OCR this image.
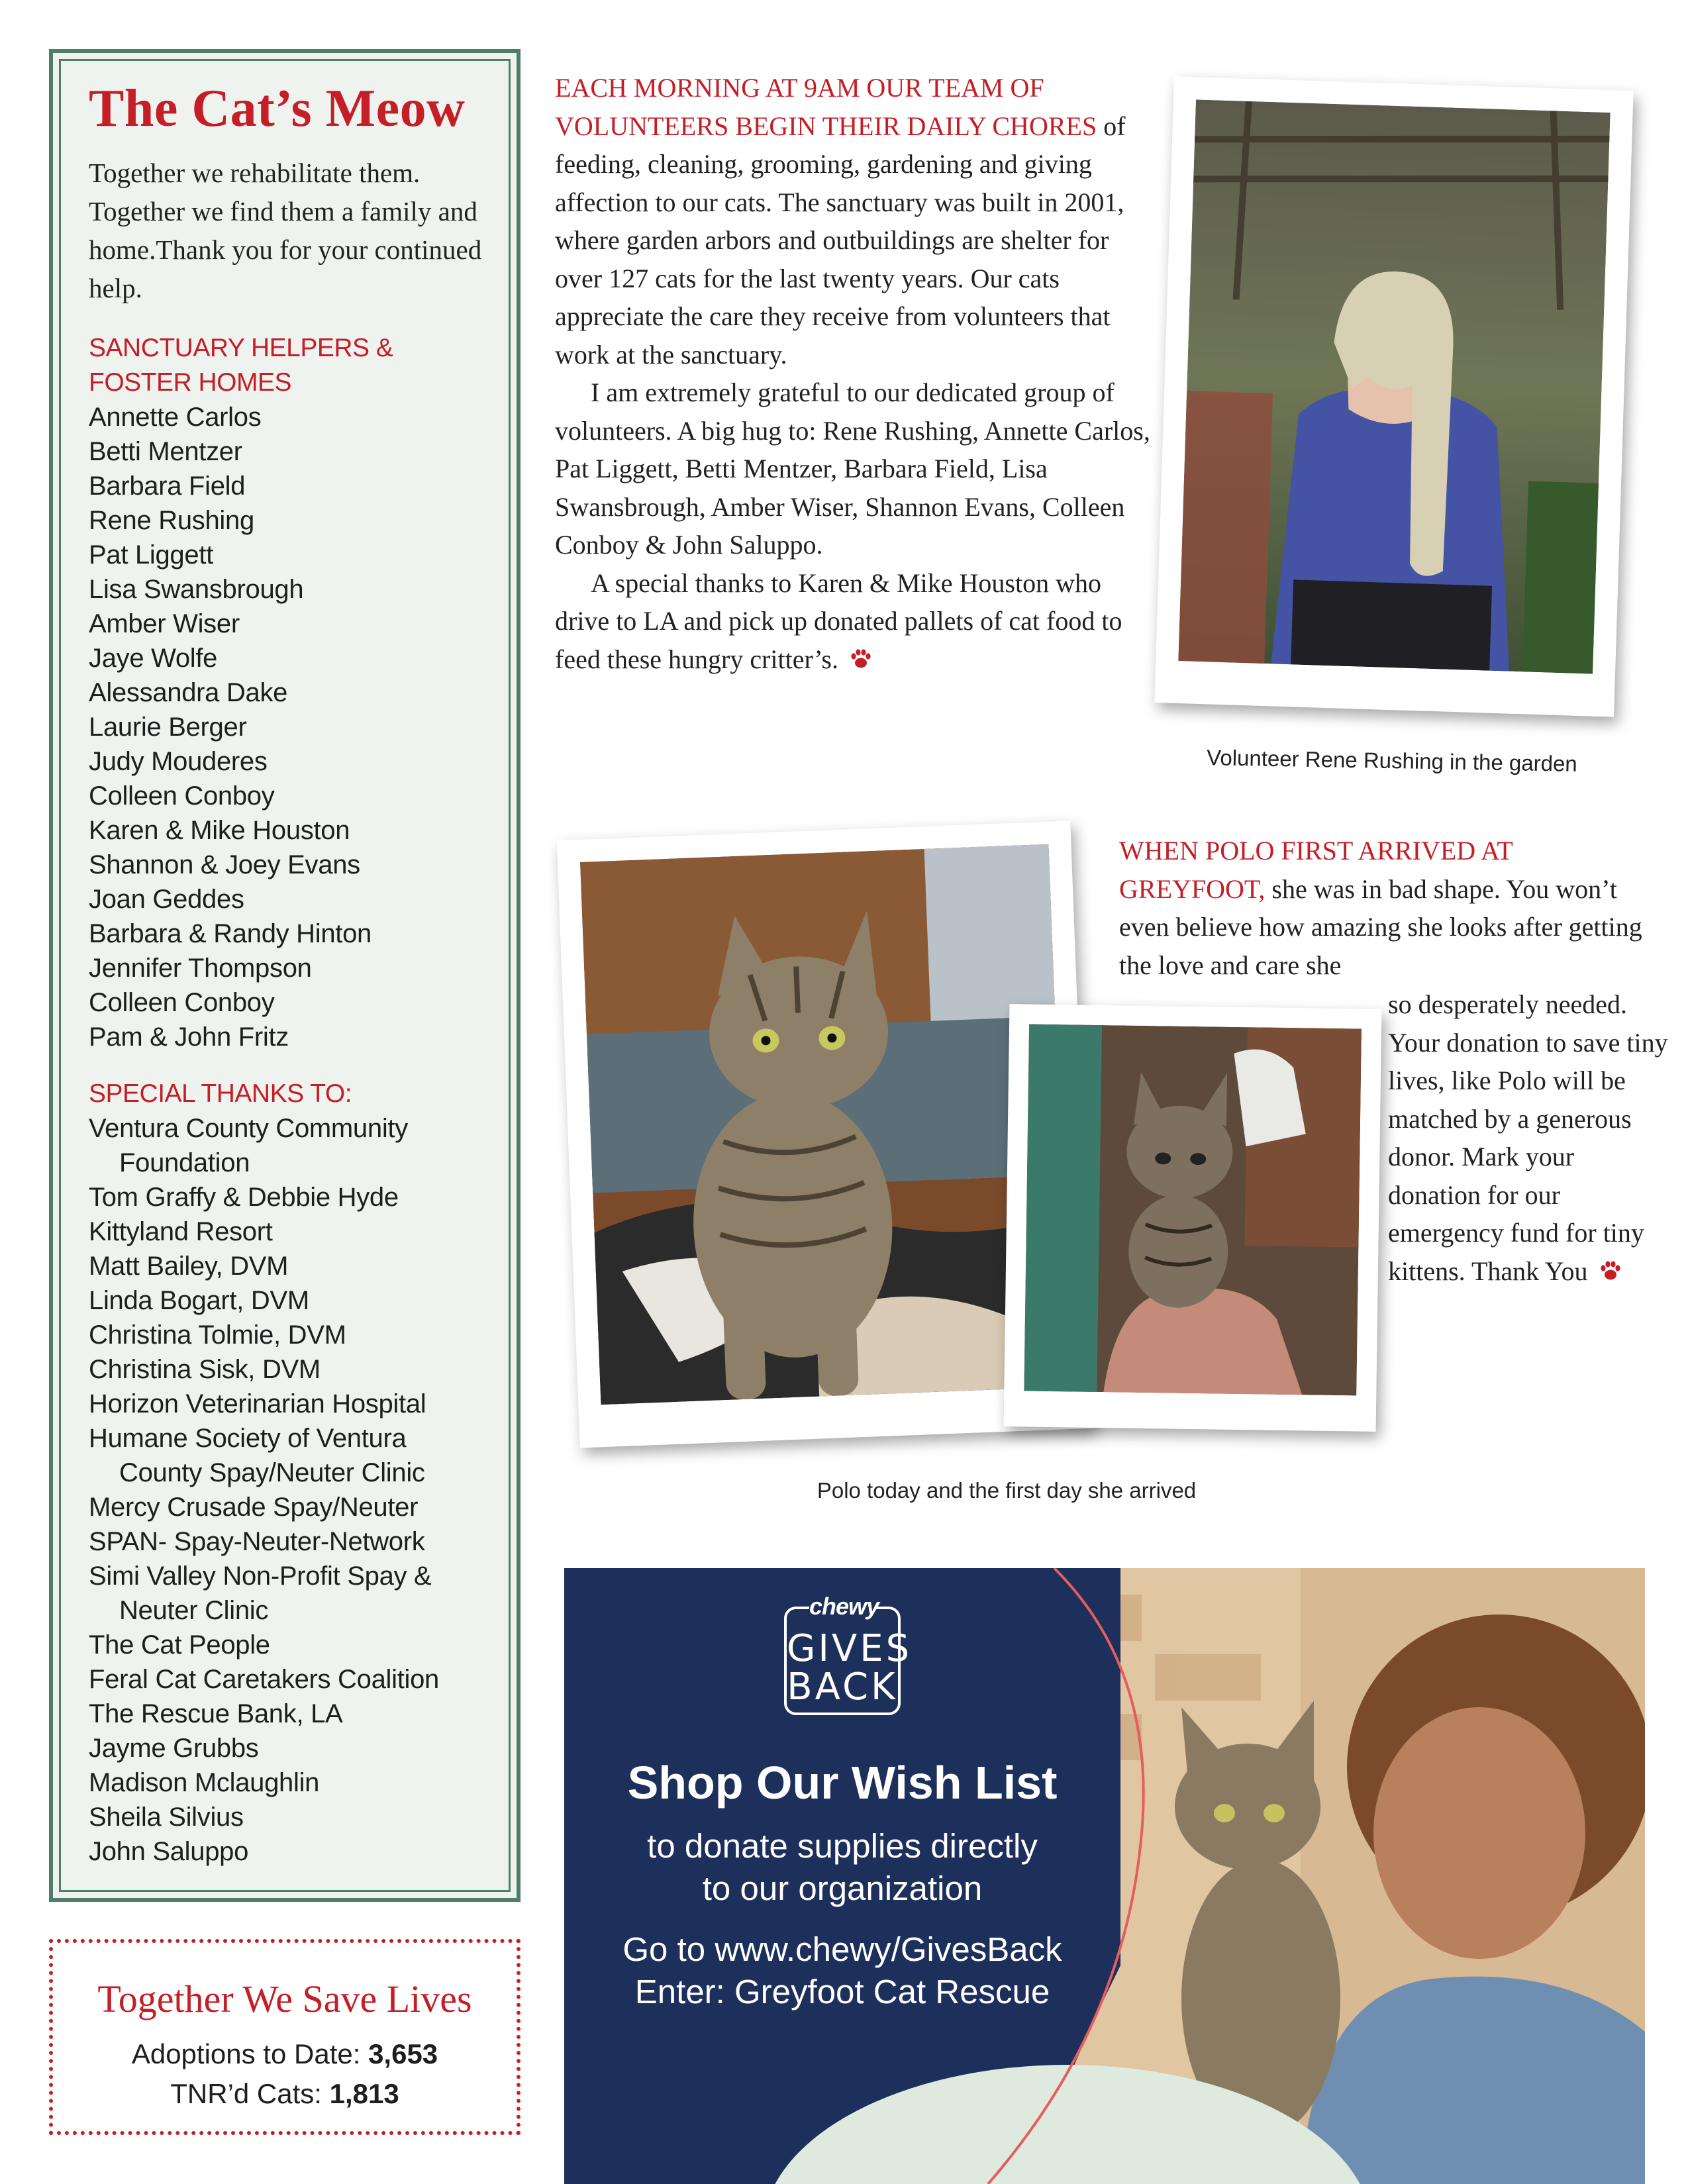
The Cat’s Meow

Together we rehabilitate them. Together we find them a family and home.Thank you for your continued help.

SANCTUARY HELPERS &
FOSTER HOMES
Annette Carlos
Betti Mentzer
Barbara Field
Rene Rushing
Pat Liggett
Lisa Swansbrough
Amber Wiser
Jaye Wolfe
Alessandra Dake
Laurie Berger
Judy Mouderes
Colleen Conboy
Karen & Mike Houston
Shannon & Joey Evans
Joan Geddes
Barbara & Randy Hinton
Jennifer Thompson
Colleen Conboy
Pam & John Fritz
SPECIAL THANKS TO:
Ventura County Community
Foundation
Tom Graffy & Debbie Hyde
Kittyland Resort
Matt Bailey, DVM
Linda Bogart, DVM
Christina Tolmie, DVM
Christina Sisk, DVM
Horizon Veterinarian Hospital
Humane Society of Ventura
County Spay/Neuter Clinic
Mercy Crusade Spay/Neuter
SPAN- Spay-Neuter-Network
Simi Valley Non-Profit Spay &
Neuter Clinic
The Cat People
Feral Cat Caretakers Coalition
The Rescue Bank, LA
Jayme Grubbs
Madison Mclaughlin
Sheila Silvius
John Saluppo
Together We Save Lives
Adoptions to Date: 3,653
TNR’d Cats: 1,813

EACH MORNING AT 9AM OUR TEAM OF VOLUNTEERS BEGIN THEIR DAILY CHORES of feeding, cleaning, grooming, gardening and giving affection to our cats. The sanctuary was built in 2001, where garden arbors and outbuildings are shelter for over 127 cats for the last twenty years. Our cats appreciate the care they receive from volunteers that work at the sanctuary.

I am extremely grateful to our dedicated group of volunteers. A big hug to: Rene Rushing, Annette Carlos, Pat Liggett, Betti Mentzer, Barbara Field, Lisa Swansbrough, Amber Wiser, Shannon Evans, Colleen Conboy & John Saluppo.

A special thanks to Karen & Mike Houston who drive to LA and pick up donated pallets of cat food to feed these hungry critter’s.

Volunteer Rene Rushing in the garden
WHEN POLO FIRST ARRIVED AT GREYFOOT, she was in bad shape. You won’t even believe how amazing she looks after getting the love and care she
so desperately needed. Your donation to save tiny lives, like Polo will be matched by a generous donor. Mark your donation for our emergency fund for tiny kittens. Thank You
Polo today and the first day she arrived
chewy
GIVES
BACK
Shop Our Wish List
to donate supplies directly
to our organization
Go to www.chewy/GivesBack
Enter: Greyfoot Cat Rescue
